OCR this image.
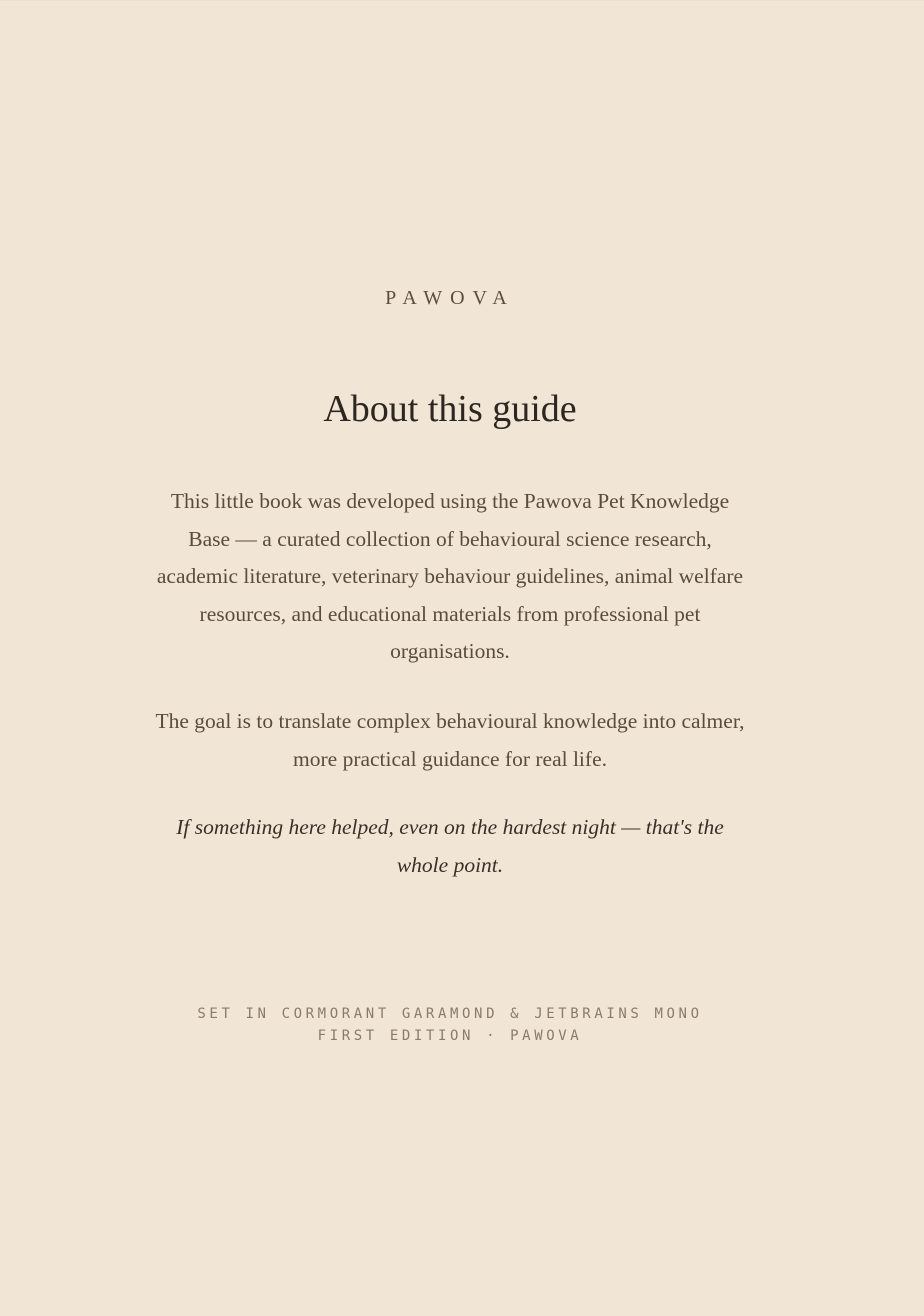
PAWOVA
About this guide

This little book was developed using the Pawova Pet Knowledge Base — a curated collection of behavioural science research, academic literature, veterinary behaviour guidelines, animal welfare resources, and educational materials from professional pet organisations.

The goal is to translate complex behavioural knowledge into calmer, more practical guidance for real life.

If something here helped, even on the hardest night — that's the whole point.

SET IN CORMORANT GARAMOND & JETBRAINS MONO
FIRST EDITION · PAWOVA
